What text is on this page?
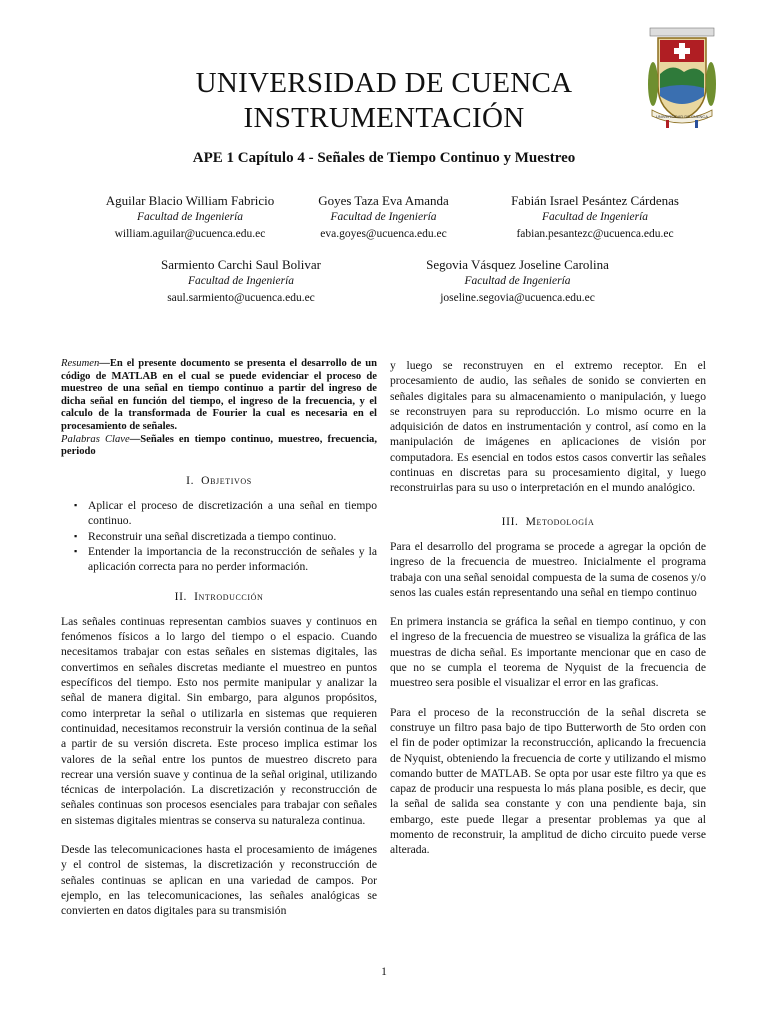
UNIVERSIDAD DE CUENCA
INSTRUMENTACIÓN
APE 1 Capítulo 4 - Señales de Tiempo Continuo y Muestreo
UNIVERSIDAD DE CUENCA
Aguilar Blacio William Fabricio
Facultad de Ingeniería
william.aguilar@ucuenca.edu.ec
Goyes Taza Eva Amanda
Facultad de Ingeniería
eva.goyes@ucuenca.edu.ec
Fabián Israel Pesántez Cárdenas
Facultad de Ingeniería
fabian.pesantezc@ucuenca.edu.ec
Sarmiento Carchi Saul Bolivar
Facultad de Ingeniería
saul.sarmiento@ucuenca.edu.ec
Segovia Vásquez Joseline Carolina
Facultad de Ingeniería
joseline.segovia@ucuenca.edu.ec

Resumen—En el presente documento se presenta el desarrollo de un código de MATLAB en el cual se puede evidenciar el proceso de muestreo de una señal en tiempo continuo a partir del ingreso de dicha señal en función del tiempo, el ingreso de la frecuencia, y el calculo de la transformada de Fourier la cual es necesaria en el procesamiento de señales.

Palabras Clave—Señales en tiempo continuo, muestreo, frecuencia, periodo

I. Objetivos
▪ Aplicar el proceso de discretización a una señal en tiempo continuo.
▪ Reconstruir una señal discretizada a tiempo continuo.
▪ Entender la importancia de la reconstrucción de señales y la aplicación correcta para no perder información.
II. Introducción

Las señales continuas representan cambios suaves y continuos en fenómenos físicos a lo largo del tiempo o el espacio. Cuando necesitamos trabajar con estas señales en sistemas digitales, las convertimos en señales discretas mediante el muestreo en puntos específicos del tiempo. Esto nos permite manipular y analizar la señal de manera digital. Sin embargo, para algunos propósitos, como interpretar la señal o utilizarla en sistemas que requieren continuidad, necesitamos reconstruir la versión continua de la señal a partir de su versión discreta. Este proceso implica estimar los valores de la señal entre los puntos de muestreo discreto para recrear una versión suave y continua de la señal original, utilizando técnicas de interpolación. La discretización y reconstrucción de señales continuas son procesos esenciales para trabajar con señales en sistemas digitales mientras se conserva su naturaleza continua.

Desde las telecomunicaciones hasta el procesamiento de imágenes y el control de sistemas, la discretización y reconstrucción de señales continuas se aplican en una variedad de campos. Por ejemplo, en las telecomunicaciones, las señales analógicas se convierten en datos digitales para su transmisión

y luego se reconstruyen en el extremo receptor. En el procesamiento de audio, las señales de sonido se convierten en señales digitales para su almacenamiento o manipulación, y luego se reconstruyen para su reproducción. Lo mismo ocurre en la adquisición de datos en instrumentación y control, así como en la manipulación de imágenes en aplicaciones de visión por computadora. Es esencial en todos estos casos convertir las señales continuas en discretas para su procesamiento digital, y luego reconstruirlas para su uso o interpretación en el mundo analógico.

III. Metodología

Para el desarrollo del programa se procede a agregar la opción de ingreso de la frecuencia de muestreo. Inicialmente el programa trabaja con una señal senoidal compuesta de la suma de cosenos y/o senos las cuales están representando una señal en tiempo continuo

En primera instancia se gráfica la señal en tiempo continuo, y con el ingreso de la frecuencia de muestreo se visualiza la gráfica de las muestras de dicha señal. Es importante mencionar que en caso de que no se cumpla el teorema de Nyquist de la frecuencia de muestreo sera posible el visualizar el error en las graficas.

Para el proceso de la reconstrucción de la señal discreta se construye un filtro pasa bajo de tipo Butterworth de 5to orden con el fin de poder optimizar la reconstrucción, aplicando la frecuencia de Nyquist, obteniendo la frecuencia de corte y utilizando el mismo comando butter de MATLAB. Se opta por usar este filtro ya que es capaz de producir una respuesta lo más plana posible, es decir, que la señal de salida sea constante y con una pendiente baja, sin embargo, este puede llegar a presentar problemas ya que al momento de reconstruir, la amplitud de dicho circuito puede verse alterada.

1
